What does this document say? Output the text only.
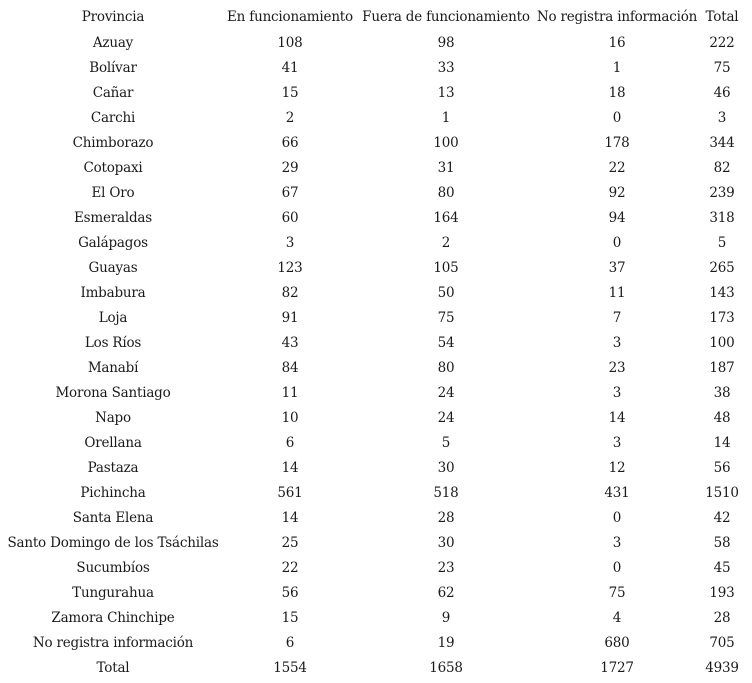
Provincia	En funcionamiento	Fuera de funcionamiento	No registra información	Total
Azuay	108	98	16	222
Bolívar	41	33	1	75
Cañar	15	13	18	46
Carchi	2	1	0	3
Chimborazo	66	100	178	344
Cotopaxi	29	31	22	82
El Oro	67	80	92	239
Esmeraldas	60	164	94	318
Galápagos	3	2	0	5
Guayas	123	105	37	265
Imbabura	82	50	11	143
Loja	91	75	7	173
Los Ríos	43	54	3	100
Manabí	84	80	23	187
Morona Santiago	11	24	3	38
Napo	10	24	14	48
Orellana	6	5	3	14
Pastaza	14	30	12	56
Pichincha	561	518	431	1510
Santa Elena	14	28	0	42
Santo Domingo de los Tsáchilas	25	30	3	58
Sucumbíos	22	23	0	45
Tungurahua	56	62	75	193
Zamora Chinchipe	15	9	4	28
No registra información	6	19	680	705
Total	1554	1658	1727	4939
